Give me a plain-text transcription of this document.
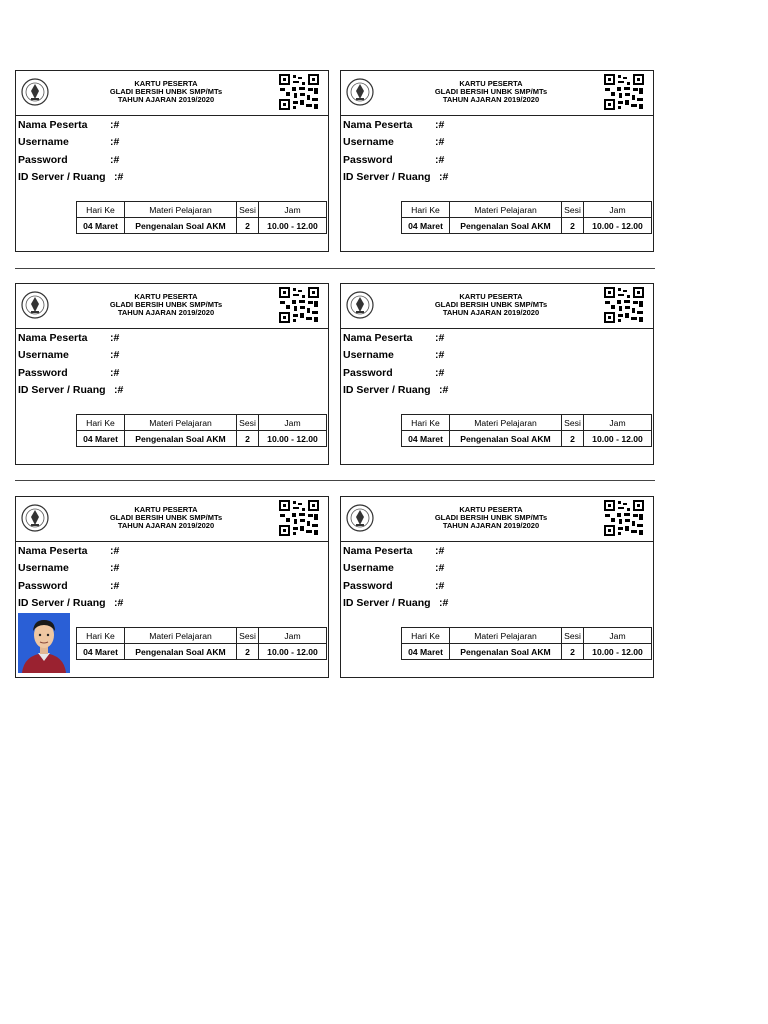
KARTU PESERTA
GLADI BERSIH UNBK SMP/MTs
TAHUN AJARAN 2019/2020
Nama Peserta :#
Username	:#
Password	:#
ID Server / Ruang :#
Hari Ke	Materi Pelajaran	Sesi	Jam
04 Maret	Pengenalan Soal AKM	2	10.00 - 12.00
KARTU PESERTA
GLADI BERSIH UNBK SMP/MTs
TAHUN AJARAN 2019/2020
Nama Peserta :#
Username	:#
Password	:#
ID Server / Ruang :#
Hari Ke	Materi Pelajaran	Sesi	Jam
04 Maret	Pengenalan Soal AKM	2	10.00 - 12.00
KARTU PESERTA
GLADI BERSIH UNBK SMP/MTs
TAHUN AJARAN 2019/2020
Nama Peserta :#
Username	:#
Password	:#
ID Server / Ruang :#
Hari Ke	Materi Pelajaran	Sesi	Jam
04 Maret	Pengenalan Soal AKM	2	10.00 - 12.00
KARTU PESERTA
GLADI BERSIH UNBK SMP/MTs
TAHUN AJARAN 2019/2020
Nama Peserta :#
Username	:#
Password	:#
ID Server / Ruang :#
Hari Ke	Materi Pelajaran	Sesi	Jam
04 Maret	Pengenalan Soal AKM	2	10.00 - 12.00
KARTU PESERTA
GLADI BERSIH UNBK SMP/MTs
TAHUN AJARAN 2019/2020
Nama Peserta :#
Username	:#
Password	:#
ID Server / Ruang :#
Hari Ke	Materi Pelajaran	Sesi	Jam
04 Maret	Pengenalan Soal AKM	2	10.00 - 12.00
KARTU PESERTA
GLADI BERSIH UNBK SMP/MTs
TAHUN AJARAN 2019/2020
Nama Peserta :#
Username	:#
Password	:#
ID Server / Ruang :#
Hari Ke	Materi Pelajaran	Sesi	Jam
04 Maret	Pengenalan Soal AKM	2	10.00 - 12.00
